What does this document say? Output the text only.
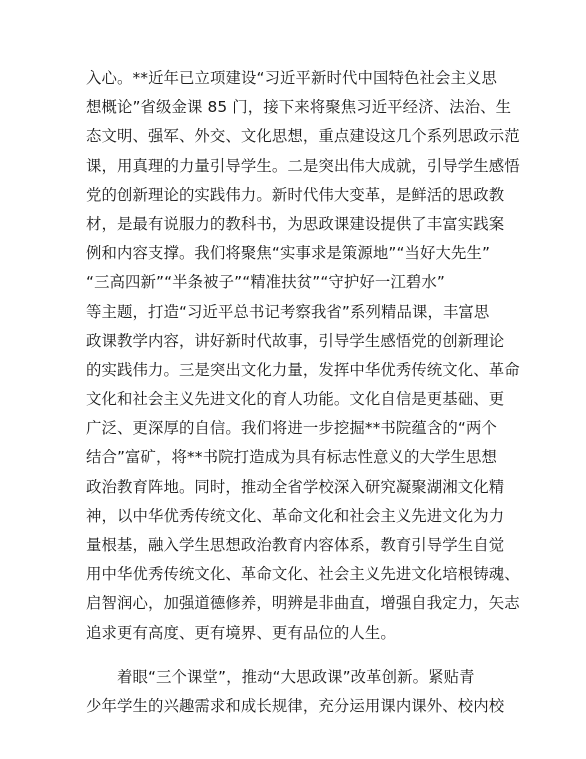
入心。**近年已立项建设“习近平新时代中国特色社会主义思
想概论”省级金课 85 门，接下来将聚焦习近平经济、法治、生
态文明、强军、外交、文化思想，重点建设这几个系列思政示范
课，用真理的力量引导学生。二是突出伟大成就，引导学生感悟
党的创新理论的实践伟力。新时代伟大变革，是鲜活的思政教
材，是最有说服力的教科书，为思政课建设提供了丰富实践案
例和内容支撑。我们将聚焦“实事求是策源地”“当好大先生”
“三高四新”“半条被子”“精准扶贫”“守护好一江碧水”
等主题，打造“习近平总书记考察我省”系列精品课，丰富思
政课教学内容，讲好新时代故事，引导学生感悟党的创新理论
的实践伟力。三是突出文化力量，发挥中华优秀传统文化、革命
文化和社会主义先进文化的育人功能。文化自信是更基础、更
广泛、更深厚的自信。我们将进一步挖掘**书院蕴含的“两个
结合”富矿，将**书院打造成为具有标志性意义的大学生思想
政治教育阵地。同时，推动全省学校深入研究凝聚湖湘文化精
神，以中华优秀传统文化、革命文化和社会主义先进文化为力
量根基，融入学生思想政治教育内容体系，教育引导学生自觉
用中华优秀传统文化、革命文化、社会主义先进文化培根铸魂、
启智润心，加强道德修养，明辨是非曲直，增强自我定力，矢志
追求更有高度、更有境界、更有品位的人生。
着眼“三个课堂”，推动“大思政课”改革创新。紧贴青
少年学生的兴趣需求和成长规律，充分运用课内课外、校内校
